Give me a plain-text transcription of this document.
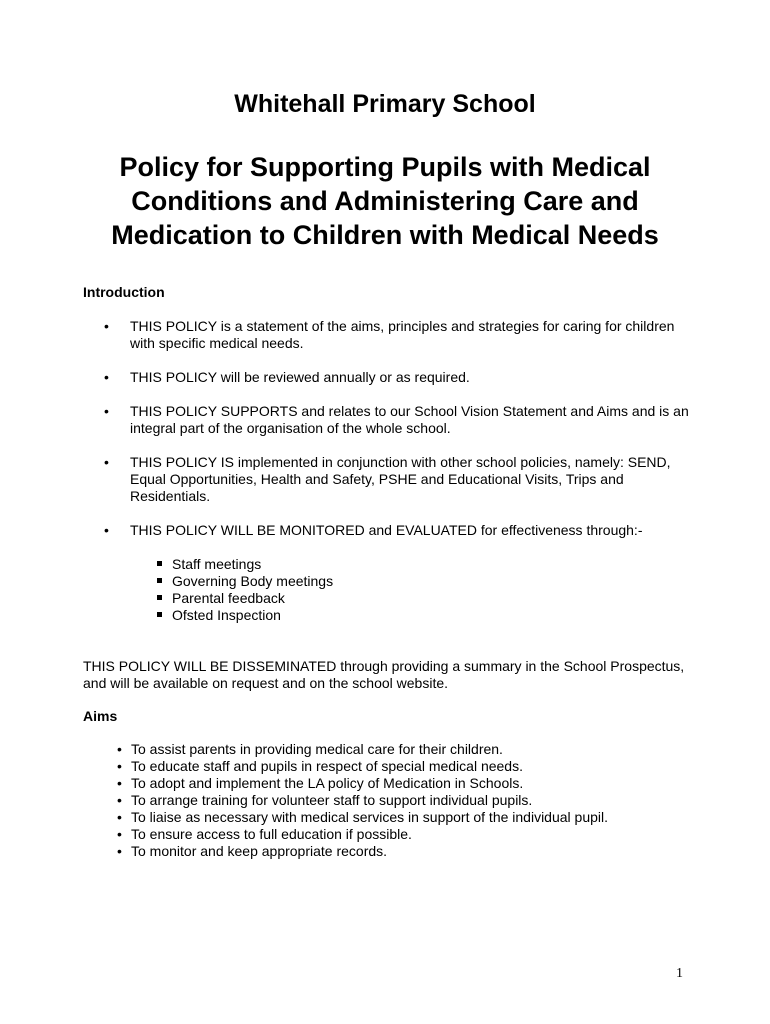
Whitehall Primary School
Policy for Supporting Pupils with Medical Conditions and Administering Care and Medication to Children with Medical Needs
Introduction
• THIS POLICY is a statement of the aims, principles and strategies for caring for children with specific medical needs.
• THIS POLICY will be reviewed annually or as required.
• THIS POLICY SUPPORTS and relates to our School Vision Statement and Aims and is an integral part of the organisation of the whole school.
• THIS POLICY IS implemented in conjunction with other school policies, namely: SEND, Equal Opportunities, Health and Safety, PSHE and Educational Visits, Trips and Residentials.
• THIS POLICY WILL BE MONITORED and EVALUATED for effectiveness through:-
Staff meetings
Governing Body meetings
Parental feedback
Ofsted Inspection

THIS POLICY WILL BE DISSEMINATED through providing a summary in the School Prospectus, and will be available on request and on the school website.

Aims
• To assist parents in providing medical care for their children.
• To educate staff and pupils in respect of special medical needs.
• To adopt and implement the LA policy of Medication in Schools.
• To arrange training for volunteer staff to support individual pupils.
• To liaise as necessary with medical services in support of the individual pupil.
• To ensure access to full education if possible.
• To monitor and keep appropriate records.
1
